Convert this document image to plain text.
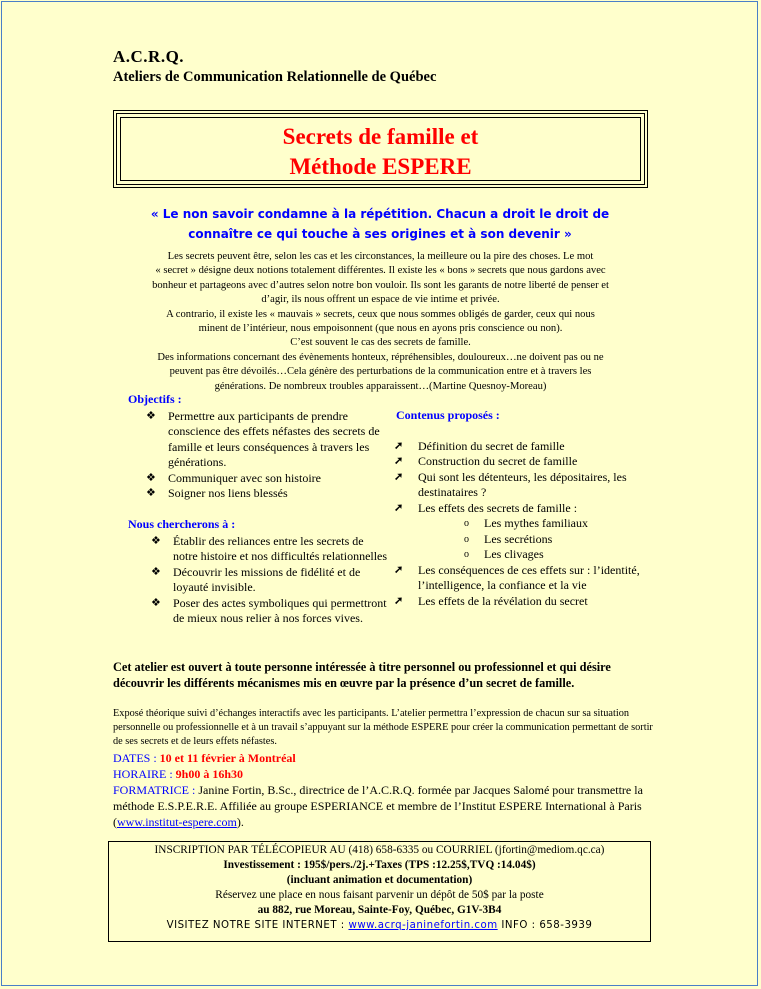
A.C.R.Q.
Ateliers de Communication Relationnelle de Québec
Secrets de famille et
Méthode ESPERE
« Le non savoir condamne à la répétition. Chacun a droit le droit de
connaître ce qui touche à ses origines et à son devenir »
Les secrets peuvent être, selon les cas et les circonstances, la meilleure ou la pire des choses. Le mot
« secret » désigne deux notions totalement différentes. Il existe les « bons » secrets que nous gardons avec
bonheur et partageons avec d’autres selon notre bon vouloir. Ils sont les garants de notre liberté de penser et
d’agir, ils nous offrent un espace de vie intime et privée.
A contrario, il existe les « mauvais » secrets, ceux que nous sommes obligés de garder, ceux qui nous
minent de l’intérieur, nous empoisonnent (que nous en ayons pris conscience ou non).
C’est souvent le cas des secrets de famille.
Des informations concernant des évènements honteux, répréhensibles, douloureux…ne doivent pas ou ne
peuvent pas être dévoilés…Cela génère des perturbations de la communication entre et à travers les
générations. De nombreux troubles apparaissent…(Martine Quesnoy-Moreau)
Objectifs :
❖ Permettre aux participants de prendre conscience des effets néfastes des secrets de famille et leurs conséquences à travers les générations.
❖ Communiquer avec son histoire
❖ Soigner nos liens blessés
Nous chercherons à :
❖ Établir des reliances entre les secrets de notre histoire et nos difficultés relationnelles
❖ Découvrir les missions de fidélité et de loyauté invisible.
❖ Poser des actes symboliques qui permettront de mieux nous relier à nos forces vives.
Contenus proposés :
➚ Définition du secret de famille
➚ Construction du secret de famille
➚ Qui sont les détenteurs, les dépositaires, les destinataires ?
➚ Les effets des secrets de famille :
o Les mythes familiaux
o Les secrétions
o Les clivages
➚ Les conséquences de ces effets sur : l’identité, l’intelligence, la confiance et la vie
➚ Les effets de la révélation du secret
Cet atelier est ouvert à toute personne intéressée à titre personnel ou professionnel et qui désire découvrir les différents mécanismes mis en œuvre par la présence d’un secret de famille.
Exposé théorique suivi d’échanges interactifs avec les participants. L’atelier permettra l’expression de chacun sur sa situation personnelle ou professionnelle et à un travail s’appuyant sur la méthode ESPERE pour créer la communication permettant de sortir de ses secrets et de leurs effets néfastes.
DATES : 10 et 11 février à Montréal
HORAIRE : 9h00 à 16h30
FORMATRICE : Janine Fortin, B.Sc., directrice de l’A.C.R.Q. formée par Jacques Salomé pour transmettre la méthode E.S.P.E.R.E. Affiliée au groupe ESPERIANCE et membre de l’Institut ESPERE International à Paris (www.institut-espere.com).
INSCRIPTION PAR TÉLÉCOPIEUR AU (418) 658-6335 ou COURRIEL (jfortin@mediom.qc.ca)
Investissement : 195$/pers./2j.+Taxes (TPS :12.25$,TVQ :14.04$)
(incluant animation et documentation)
Réservez une place en nous faisant parvenir un dépôt de 50$ par la poste
au 882, rue Moreau, Sainte-Foy, Québec, G1V-3B4
VISITEZ NOTRE SITE INTERNET : www.acrq-janinefortin.com INFO : 658-3939
